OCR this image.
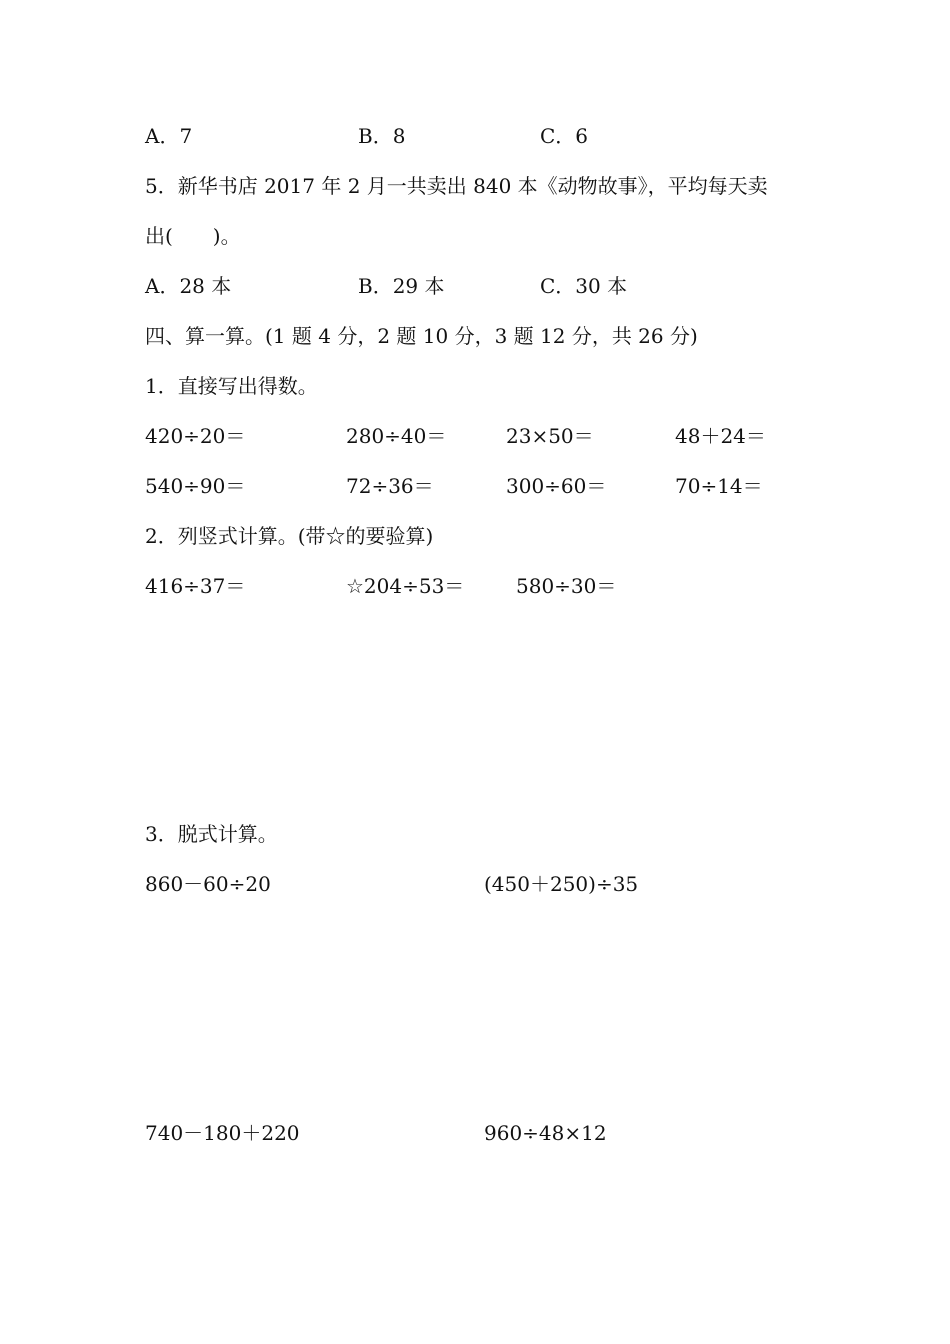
A．7	B．8	C．6
5．新华书店 2017 年 2 月一共卖出 840 本《动物故事》，平均每天卖
出(　　)。
A．28 本	B．29 本	C．30 本
四、算一算。(1 题 4 分，2 题 10 分，3 题 12 分，共 26 分)
1．直接写出得数。
420÷20＝	280÷40＝	23×50＝	48＋24＝
540÷90＝	72÷36＝	300÷60＝	70÷14＝
2．列竖式计算。(带☆的要验算)
416÷37＝	☆204÷53＝	580÷30＝
3．脱式计算。
860－60÷20	(450＋250)÷35
740－180＋220	960÷48×12
